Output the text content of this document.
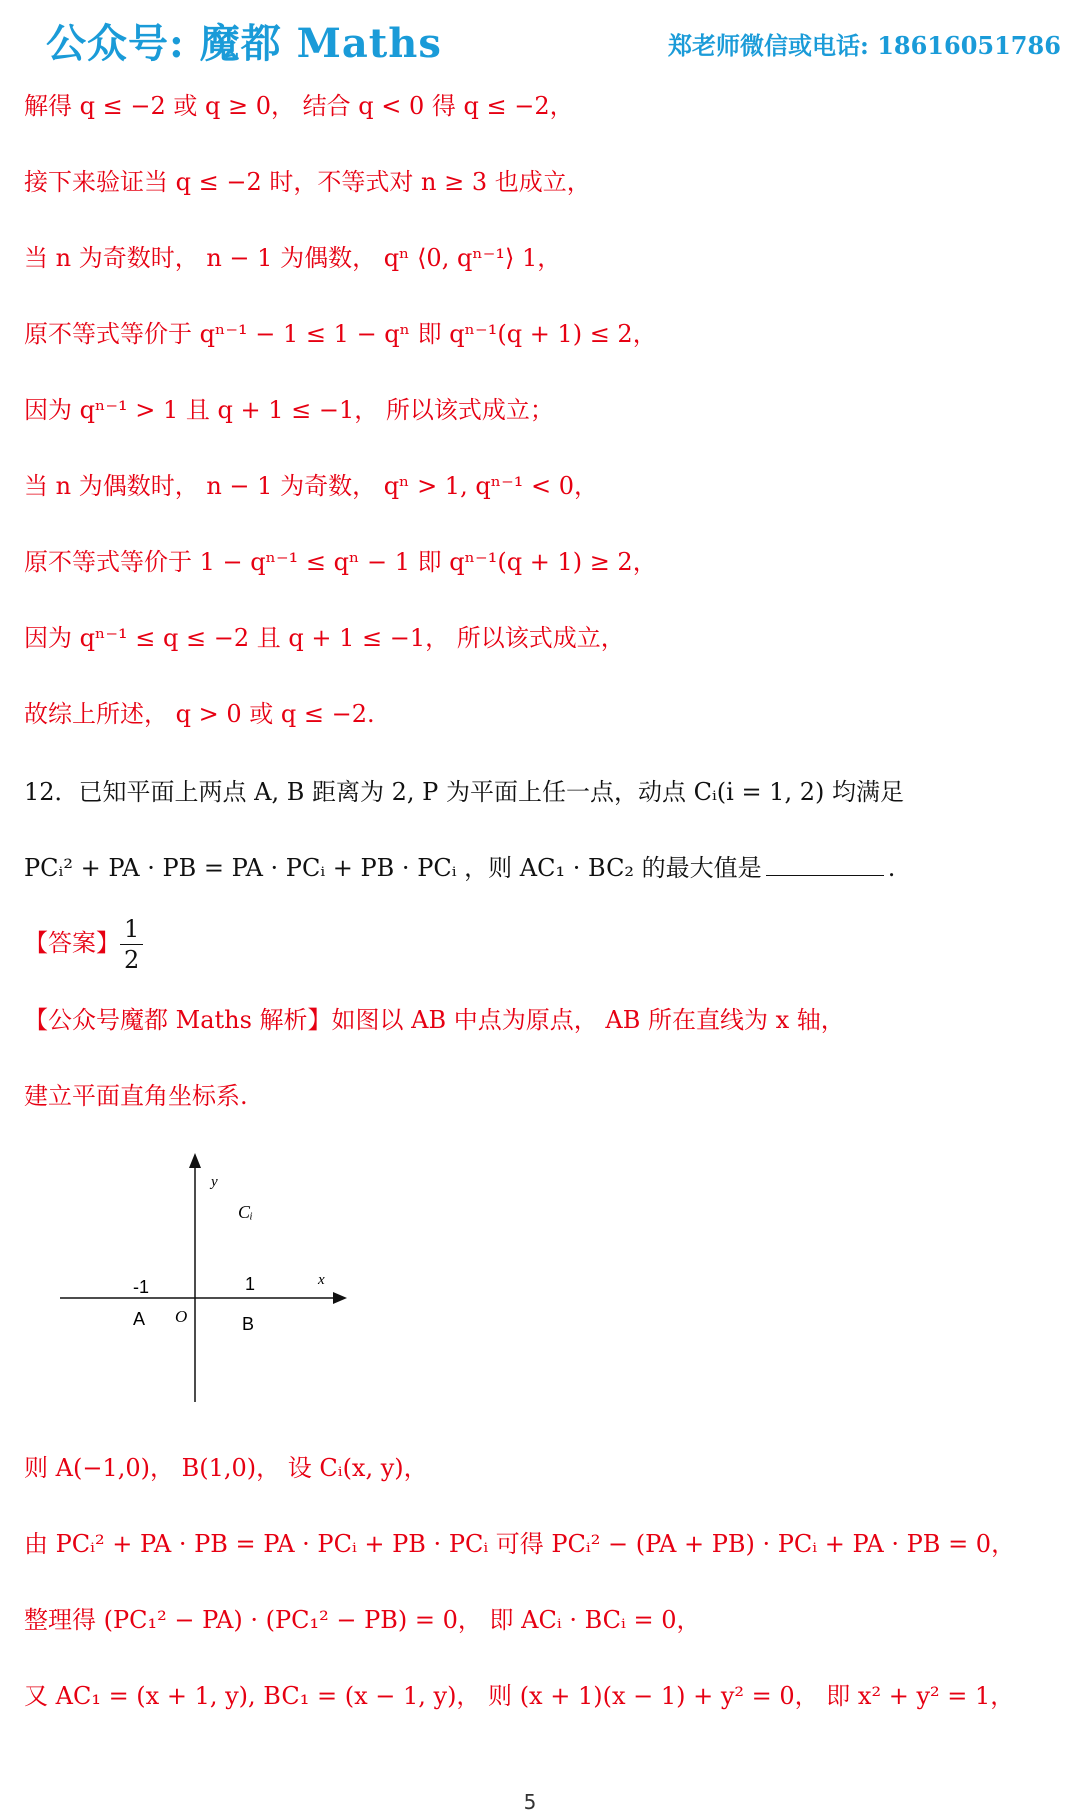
公众号: 魔都 Maths	郑老师微信或电话: 18616051786
解得 q ≤ −2 或 q ≥ 0， 结合 q < 0 得 q ≤ −2，
接下来验证当 q ≤ −2 时，不等式对 n ≥ 3 也成立，
当 n 为奇数时， n − 1 为偶数， qⁿ ⟨0, qⁿ⁻¹⟩ 1，
原不等式等价于 qⁿ⁻¹ − 1 ≤ 1 − qⁿ 即 qⁿ⁻¹(q + 1) ≤ 2，
因为 qⁿ⁻¹ > 1 且 q + 1 ≤ −1， 所以该式成立；
当 n 为偶数时， n − 1 为奇数， qⁿ > 1, qⁿ⁻¹ < 0，
原不等式等价于 1 − qⁿ⁻¹ ≤ qⁿ − 1 即 qⁿ⁻¹(q + 1) ≥ 2，
因为 qⁿ⁻¹ ≤ q ≤ −2 且 q + 1 ≤ −1， 所以该式成立，
故综上所述， q > 0 或 q ≤ −2.
12．已知平面上两点 A, B 距离为 2, P 为平面上任一点，动点 Cᵢ(i = 1, 2) 均满足
PCᵢ² + PA · PB = PA · PCᵢ + PB · PCᵢ ，则 AC₁ · BC₂ 的最大值是	.
【答案】 $\frac{1}{2}$
【公众号魔都 Maths 解析】如图以 AB 中点为原点， AB 所在直线为 x 轴，
建立平面直角坐标系.
y
Cᵢ
x
-1	1
A O	B
则 A(−1,0)， B(1,0)， 设 Cᵢ(x, y)，
由 PCᵢ² + PA · PB = PA · PCᵢ + PB · PCᵢ 可得 PCᵢ² − (PA + PB) · PCᵢ + PA · PB = 0，
整理得 (PC₁² − PA) · (PC₁² − PB) = 0， 即 ACᵢ · BCᵢ = 0，
又 AC₁ = (x + 1, y), BC₁ = (x − 1, y)， 则 (x + 1)(x − 1) + y² = 0， 即 x² + y² = 1，
5
